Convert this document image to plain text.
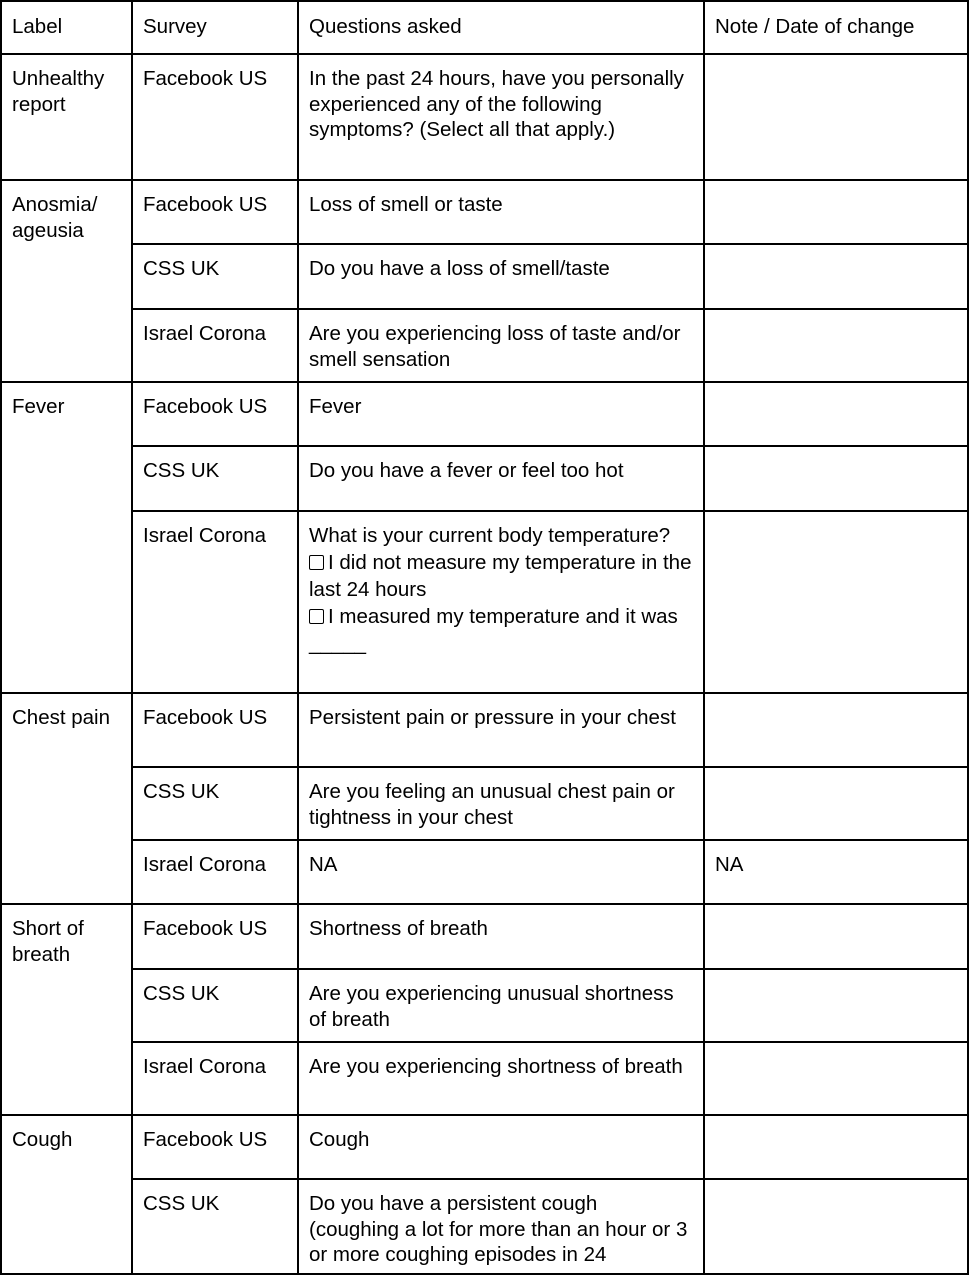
Label	Survey	Questions asked	Note / Date of change
Unhealthy report	Facebook US	In the past 24 hours, have you personally experienced any of the following symptoms? (Select all that apply.)	
Anosmia/ ageusia	Facebook US	Loss of smell or taste	
	CSS UK	Do you have a loss of smell/taste	
	Israel Corona	Are you experiencing loss of taste and/or smell sensation	
Fever	Facebook US	Fever	
	CSS UK	Do you have a fever or feel too hot	
	Israel Corona	What is your current body temperature?
I did not measure my temperature in the last 24 hours
I measured my temperature and it was _____	

Chest pain	Facebook US	Persistent pain or pressure in your chest	
	CSS UK	Are you feeling an unusual chest pain or tightness in your chest	
	Israel Corona	NA	NA
Short of breath	Facebook US	Shortness of breath	
	CSS UK	Are you experiencing unusual shortness of breath	
	Israel Corona	Are you experiencing shortness of breath	
Cough	Facebook US	Cough	
	CSS UK	Do you have a persistent cough (coughing a lot for more than an hour or 3 or more coughing episodes in 24	
